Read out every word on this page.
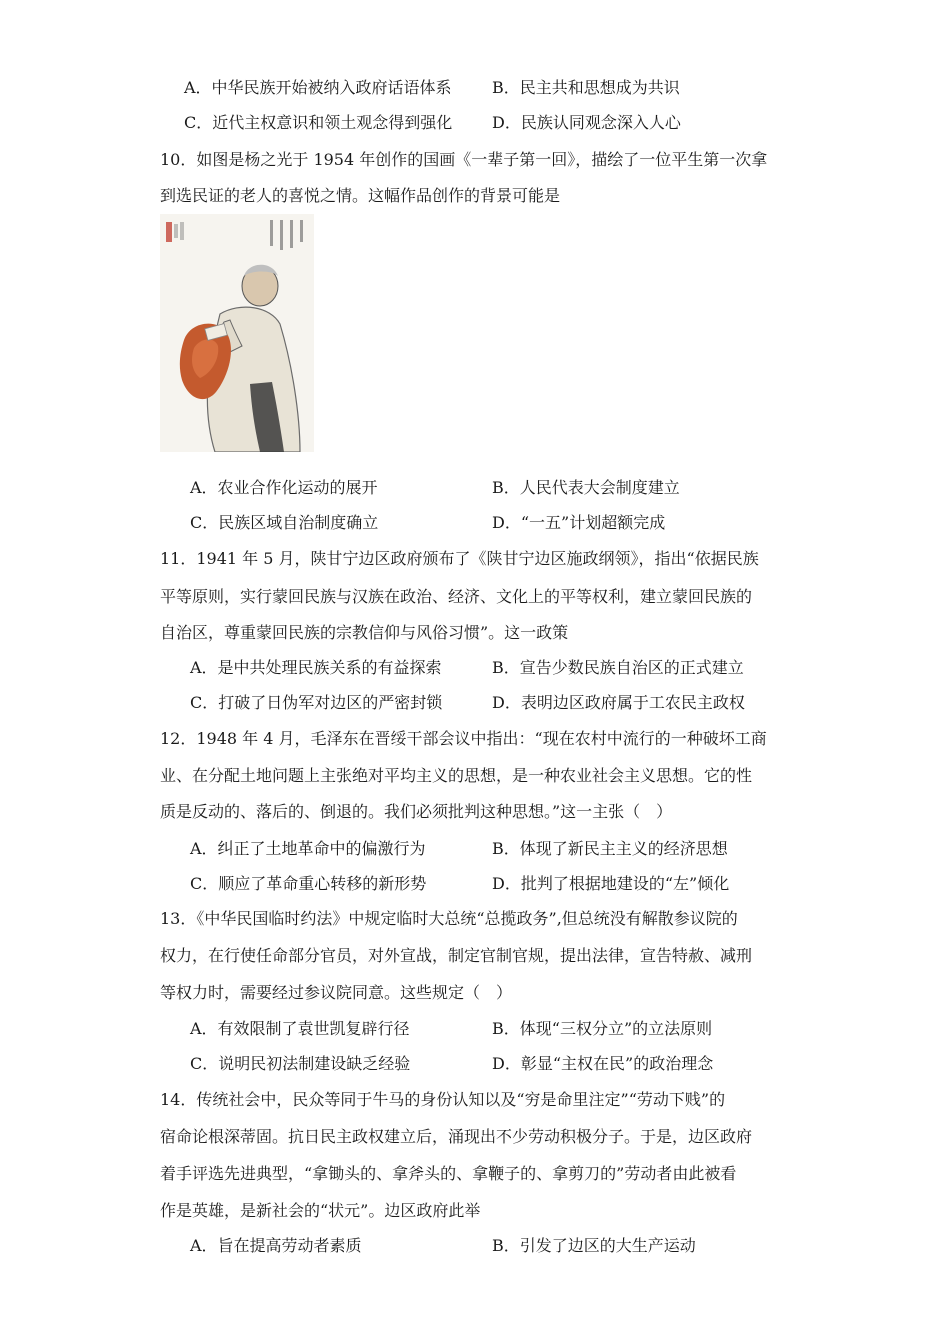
A．中华民族开始被纳入政府话语体系	B．民主共和思想成为共识
C．近代主权意识和领土观念得到强化 D．民族认同观念深入人心
10．如图是杨之光于 1954 年创作的国画《一辈子第一回》，描绘了一位平生第一次拿
到选民证的老人的喜悦之情。这幅作品创作的背景可能是
A．农业合作化运动的展开	B．人民代表大会制度建立
C．民族区域自治制度确立	D．“一五”计划超额完成
11．1941 年 5 月，陕甘宁边区政府颁布了《陕甘宁边区施政纲领》，指出“依据民族
平等原则，实行蒙回民族与汉族在政治、经济、文化上的平等权利，建立蒙回民族的
自治区，尊重蒙回民族的宗教信仰与风俗习惯”。这一政策
A．是中共处理民族关系的有益探索	B．宣告少数民族自治区的正式建立
C．打破了日伪军对边区的严密封锁	D．表明边区政府属于工农民主政权
12．1948 年 4 月，毛泽东在晋绥干部会议中指出：“现在农村中流行的一种破坏工商
业、在分配土地问题上主张绝对平均主义的思想，是一种农业社会主义思想。它的性
质是反动的、落后的、倒退的。我们必须批判这种思想。”这一主张（　）
A．纠正了土地革命中的偏激行为	B．体现了新民主主义的经济思想
C．顺应了革命重心转移的新形势	D．批判了根据地建设的“左”倾化
13．《中华民国临时约法》中规定临时大总统“总揽政务”,但总统没有解散参议院的
权力，在行使任命部分官员，对外宣战，制定官制官规，提出法律，宣告特赦、减刑
等权力时，需要经过参议院同意。这些规定（　）
A．有效限制了袁世凯复辟行径	B．体现“三权分立”的立法原则
C．说明民初法制建设缺乏经验	D．彰显“主权在民”的政治理念
14．传统社会中，民众等同于牛马的身份认知以及“穷是命里注定”“劳动下贱”的
宿命论根深蒂固。抗日民主政权建立后，涌现出不少劳动积极分子。于是，边区政府
着手评选先进典型，“拿锄头的、拿斧头的、拿鞭子的、拿剪刀的”劳动者由此被看
作是英雄，是新社会的“状元”。边区政府此举
A．旨在提高劳动者素质	B．引发了边区的大生产运动
